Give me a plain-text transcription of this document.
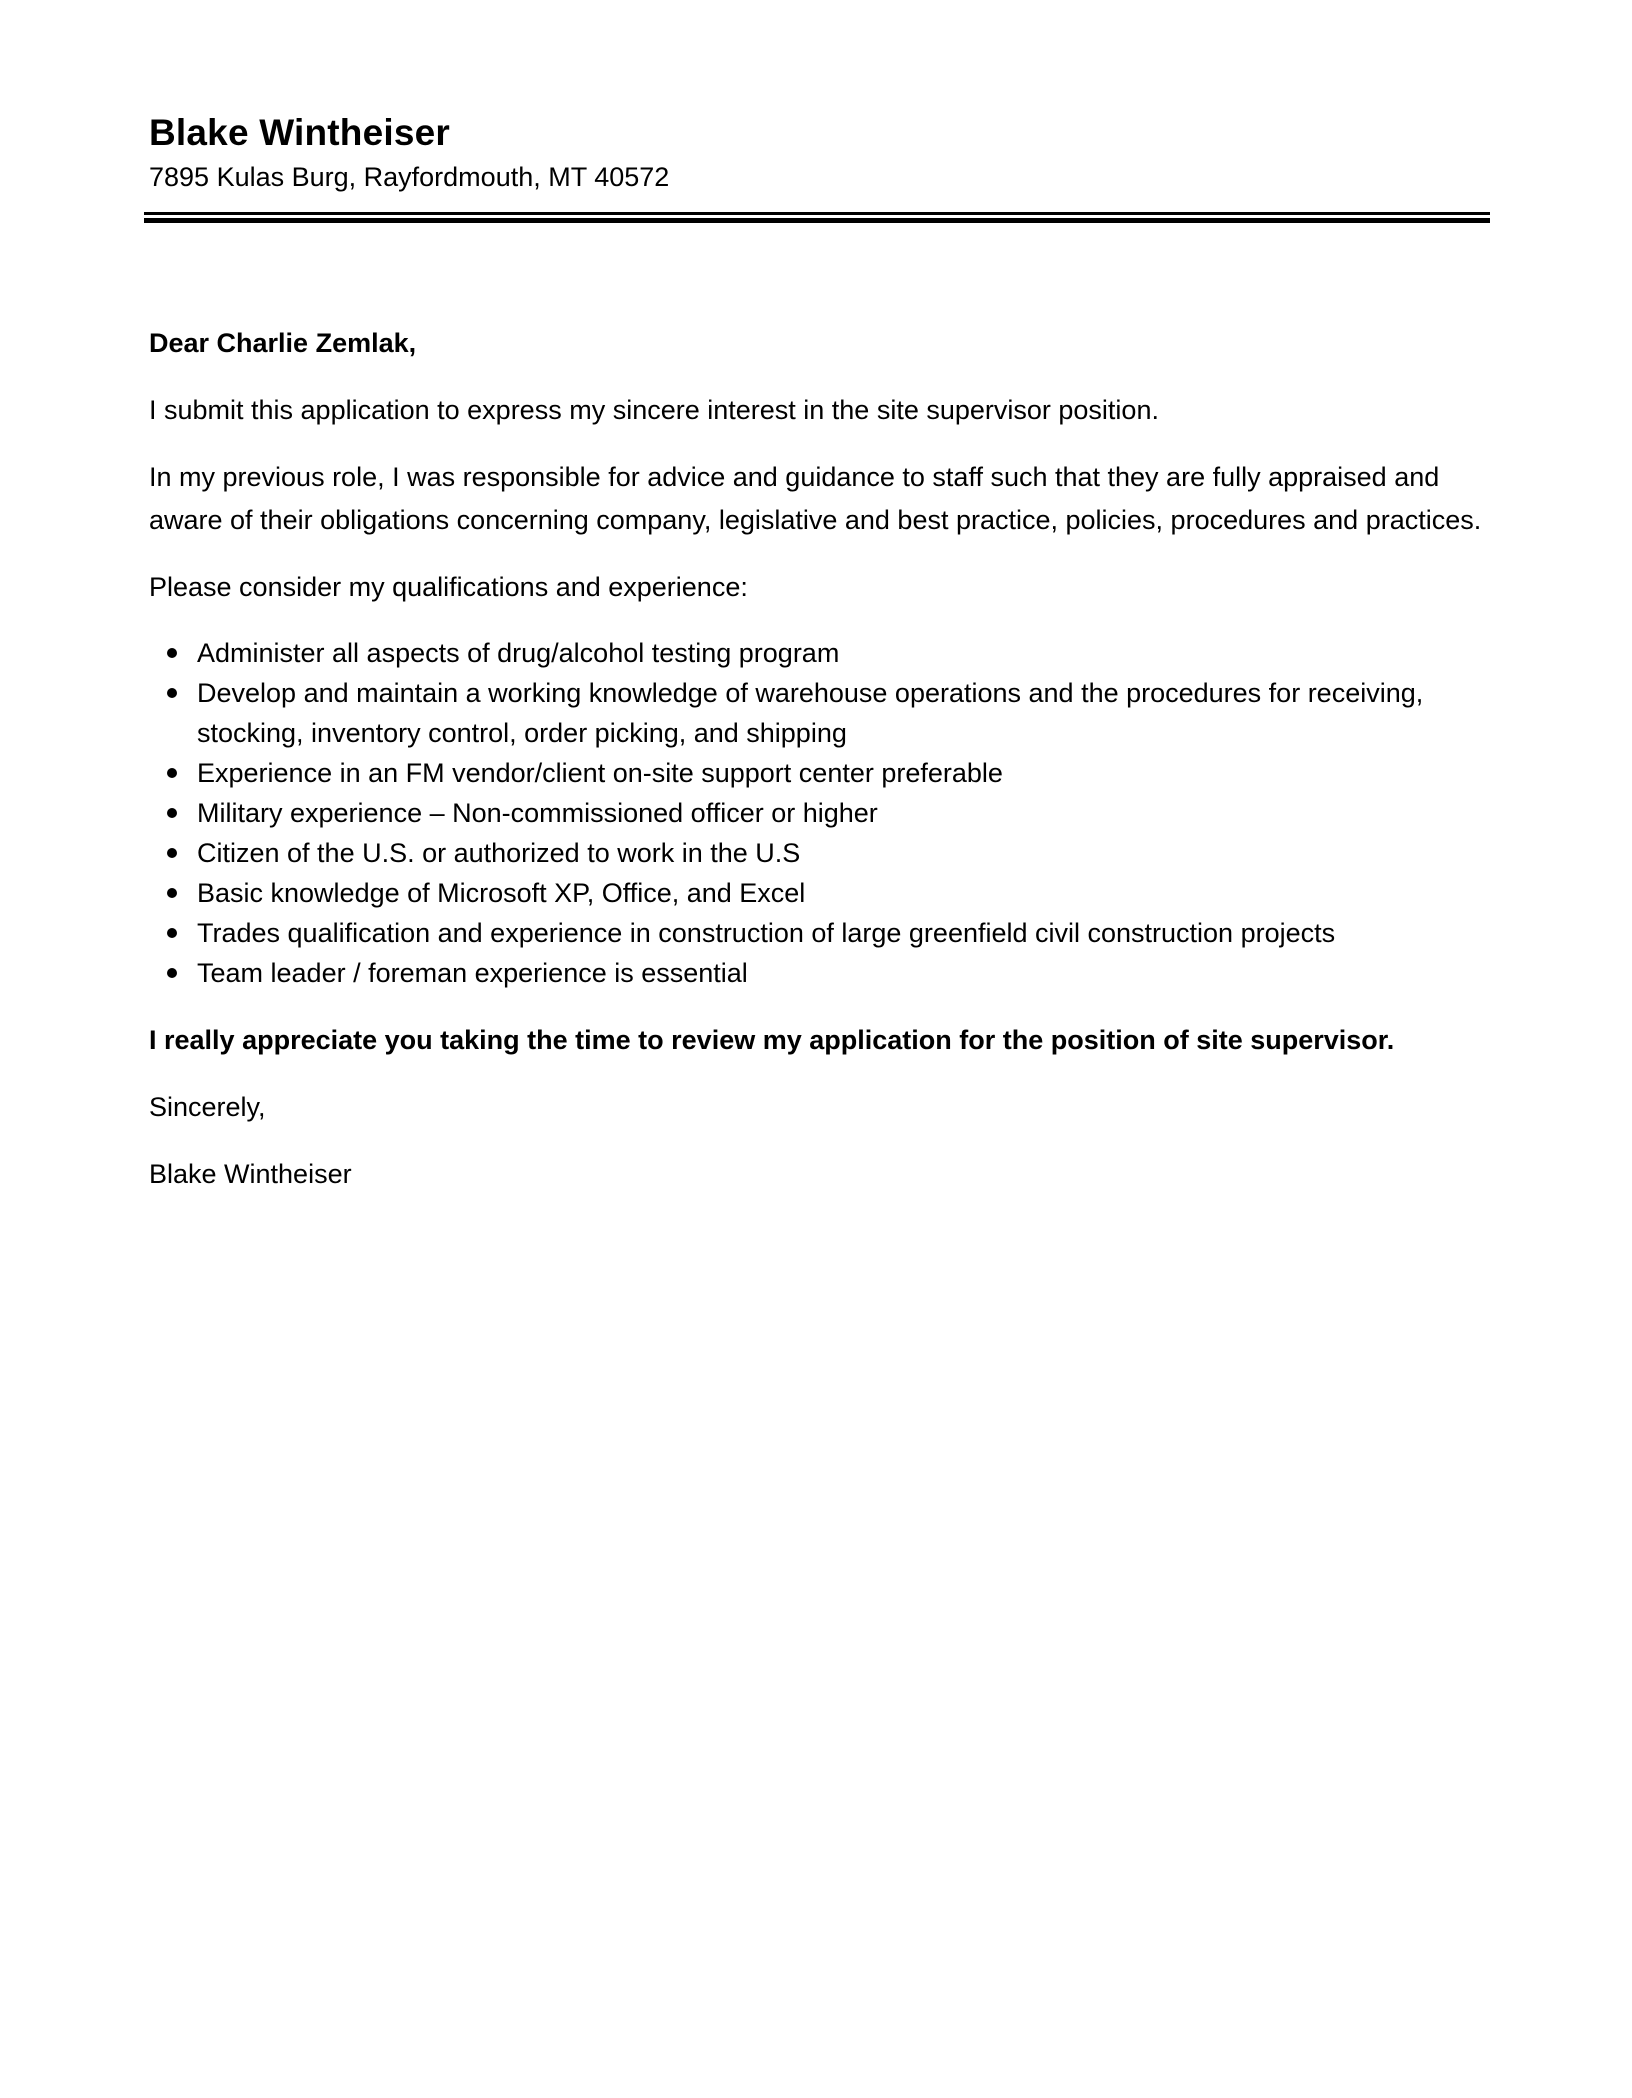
Blake Wintheiser

7895 Kulas Burg, Rayfordmouth, MT 40572

Dear Charlie Zemlak,

I submit this application to express my sincere interest in the site supervisor position.

In my previous role, I was responsible for advice and guidance to staff such that they are fully appraised and aware of their obligations concerning company, legislative and best practice, policies, procedures and practices.

Please consider my qualifications and experience:

Administer all aspects of drug/alcohol testing program
Develop and maintain a working knowledge of warehouse operations and the procedures for receiving, stocking, inventory control, order picking, and shipping
Experience in an FM vendor/client on-site support center preferable
Military experience – Non-commissioned officer or higher
Citizen of the U.S. or authorized to work in the U.S
Basic knowledge of Microsoft XP, Office, and Excel
Trades qualification and experience in construction of large greenfield civil construction projects
Team leader / foreman experience is essential

I really appreciate you taking the time to review my application for the position of site supervisor.

Sincerely,

Blake Wintheiser
